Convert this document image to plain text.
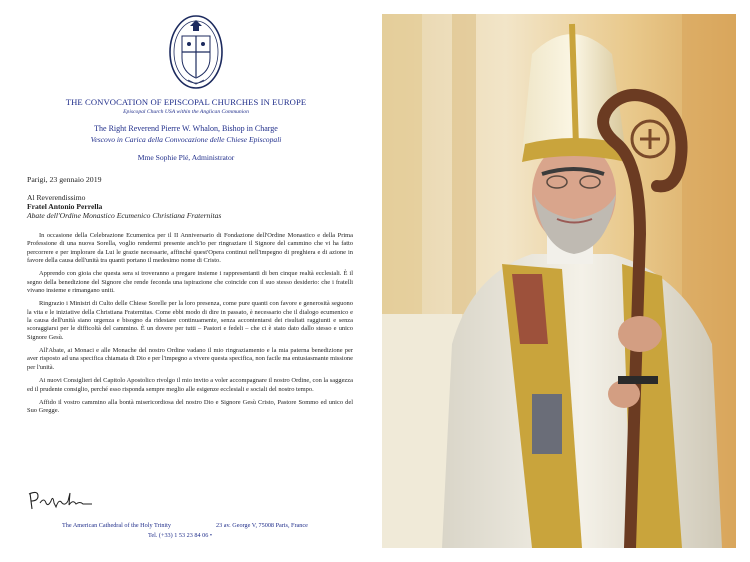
THE CONVOCATION OF EPISCOPAL CHURCHES IN EUROPE
Episcopal Church USA within the Anglican Communion
The Right Reverend Pierre W. Whalon, Bishop in Charge
Vescovo in Carica della Convocazione delle Chiese Episcopali
Mme Sophie Plé, Administrator
Parigi, 23 gennaio 2019
Al Reverendissimo
Fratel Antonio Perrella
Abate dell'Ordine Monastico Ecumenico Christiana Fraternitas

In occasione della Celebrazione Ecumenica per il II Anniversario di Fondazione dell'Ordine Monastico e della Prima Professione di una nuova Sorella, voglio rendermi presente anch'io per ringraziare il Signore del cammino che vi ha fatto percorrere e per implorare da Lui le grazie necessarie, affinché quest'Opera continui nell'impegno di preghiera e di azione in favore della causa dell'unità tra quanti portano il medesimo nome di Cristo.

Apprendo con gioia che questa sera si troveranno a pregare insieme i rappresentanti di ben cinque realtà ecclesiali. È il segno della benedizione del Signore che rende feconda una ispirazione che coincide con il suo stesso desiderio: che i fratelli vivano insieme e rimangano uniti.

Ringrazio i Ministri di Culto delle Chiese Sorelle per la loro presenza, come pure quanti con favore e generosità seguono la vita e le iniziative della Christiana Fraternitas. Come ebbi modo di dire in passato, è necessario che il dialogo ecumenico e la causa dell'unità siano urgenza e bisogno da ridestare continuamente, senza accontentarsi dei risultati raggiunti e senza scoraggiarsi per le difficoltà del cammino. È un dovere per tutti – Pastori e fedeli – che ci è stato dato dallo stesso e unico Signore Gesù.

All'Abate, ai Monaci e alle Monache del nostro Ordine vadano il mio ringraziamento e la mia paterna benedizione per aver risposto ad una specifica chiamata di Dio e per l'impegno a vivere questa specifica, non facile ma entusiasmante missione per l'unità.

Ai nuovi Consiglieri del Capitolo Apostolico rivolgo il mio invito a voler accompagnare il nostro Ordine, con la saggezza ed il prudente consiglio, perché esso risponda sempre meglio alle esigenze ecclesiali e sociali del nostro tempo.

Affido il vostro cammino alla bontà misericordiosa del nostro Dio e Signore Gesù Cristo, Pastore Sommo ed unico del Suo Gregge.

The American Cathedral of the Holy Trinity	23 av. George V, 75008 Paris, France
Tel. (+33) 1 53 23 84 06 •
